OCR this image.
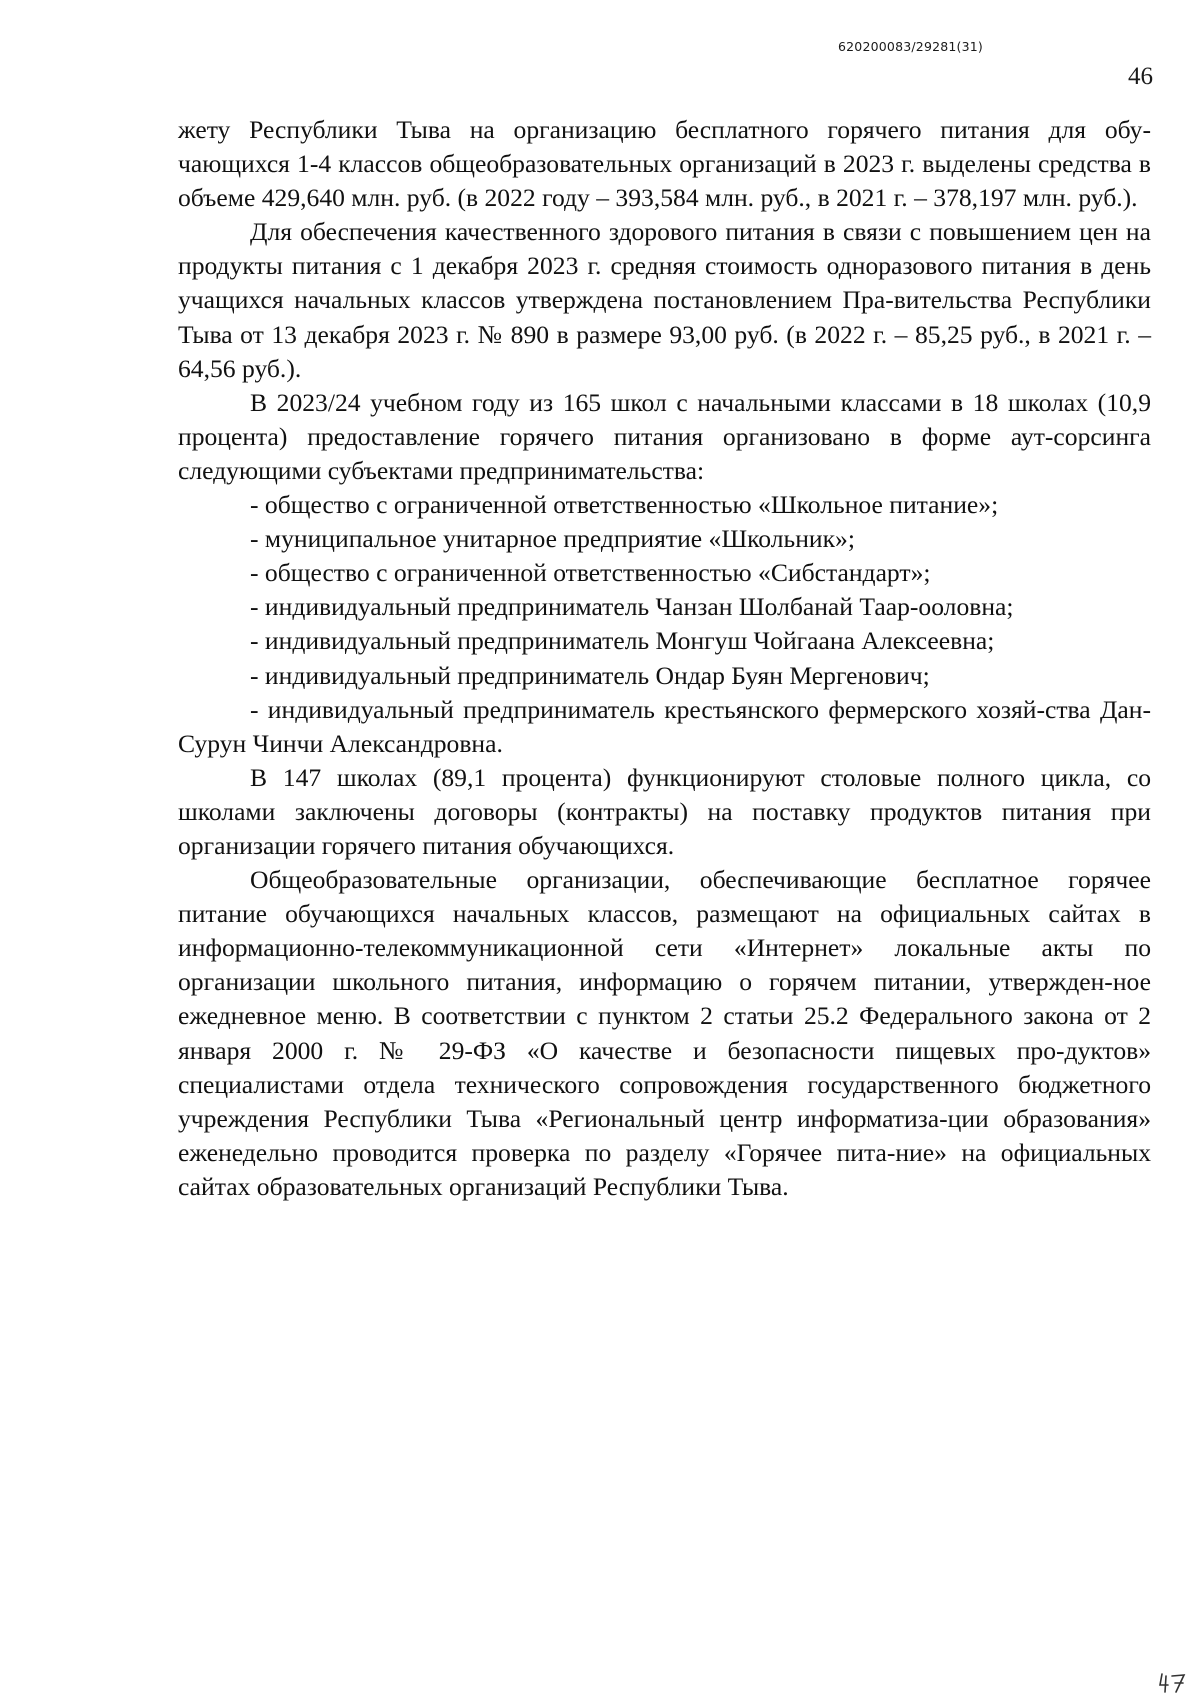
620200083/29281(31)
46

жету Республики Тыва на организацию бесплатного горячего питания для обу-чающихся 1-4 классов общеобразовательных организаций в 2023 г. выделены средства в объеме 429,640 млн. руб. (в 2022 году – 393,584 млн. руб., в 2021 г. – 378,197 млн. руб.).

Для обеспечения качественного здорового питания в связи с повышением цен на продукты питания с 1 декабря 2023 г. средняя стоимость одноразового питания в день учащихся начальных классов утверждена постановлением Пра-вительства Республики Тыва от 13 декабря 2023 г. № 890 в размере 93,00 руб. (в 2022 г. – 85,25 руб., в 2021 г. – 64,56 руб.).

В 2023/24 учебном году из 165 школ с начальными классами в 18 школах (10,9 процента) предоставление горячего питания организовано в форме аут-сорсинга следующими субъектами предпринимательства:

- общество с ограниченной ответственностью «Школьное питание»;
- муниципальное унитарное предприятие «Школьник»;
- общество с ограниченной ответственностью «Сибстандарт»;
- индивидуальный предприниматель Чанзан Шолбанай Таар-ооловна;
- индивидуальный предприниматель Монгуш Чойгаана Алексеевна;
- индивидуальный предприниматель Ондар Буян Мергенович;
- индивидуальный предприниматель крестьянского фермерского хозяй-ства Дан-Сурун Чинчи Александровна.

В 147 школах (89,1 процента) функционируют столовые полного цикла, со школами заключены договоры (контракты) на поставку продуктов питания при организации горячего питания обучающихся.

Общеобразовательные организации, обеспечивающие бесплатное горячее питание обучающихся начальных классов, размещают на официальных сайтах в информационно-телекоммуникационной сети «Интернет» локальные акты по организации школьного питания, информацию о горячем питании, утвержден-ное ежедневное меню. В соответствии с пунктом 2 статьи 25.2 Федерального закона от 2 января 2000 г. № 29-ФЗ «О качестве и безопасности пищевых про-дуктов» специалистами отдела технического сопровождения государственного бюджетного учреждения Республики Тыва «Региональный центр информатиза-ции образования» еженедельно проводится проверка по разделу «Горячее пита-ние» на официальных сайтах образовательных организаций Республики Тыва.
